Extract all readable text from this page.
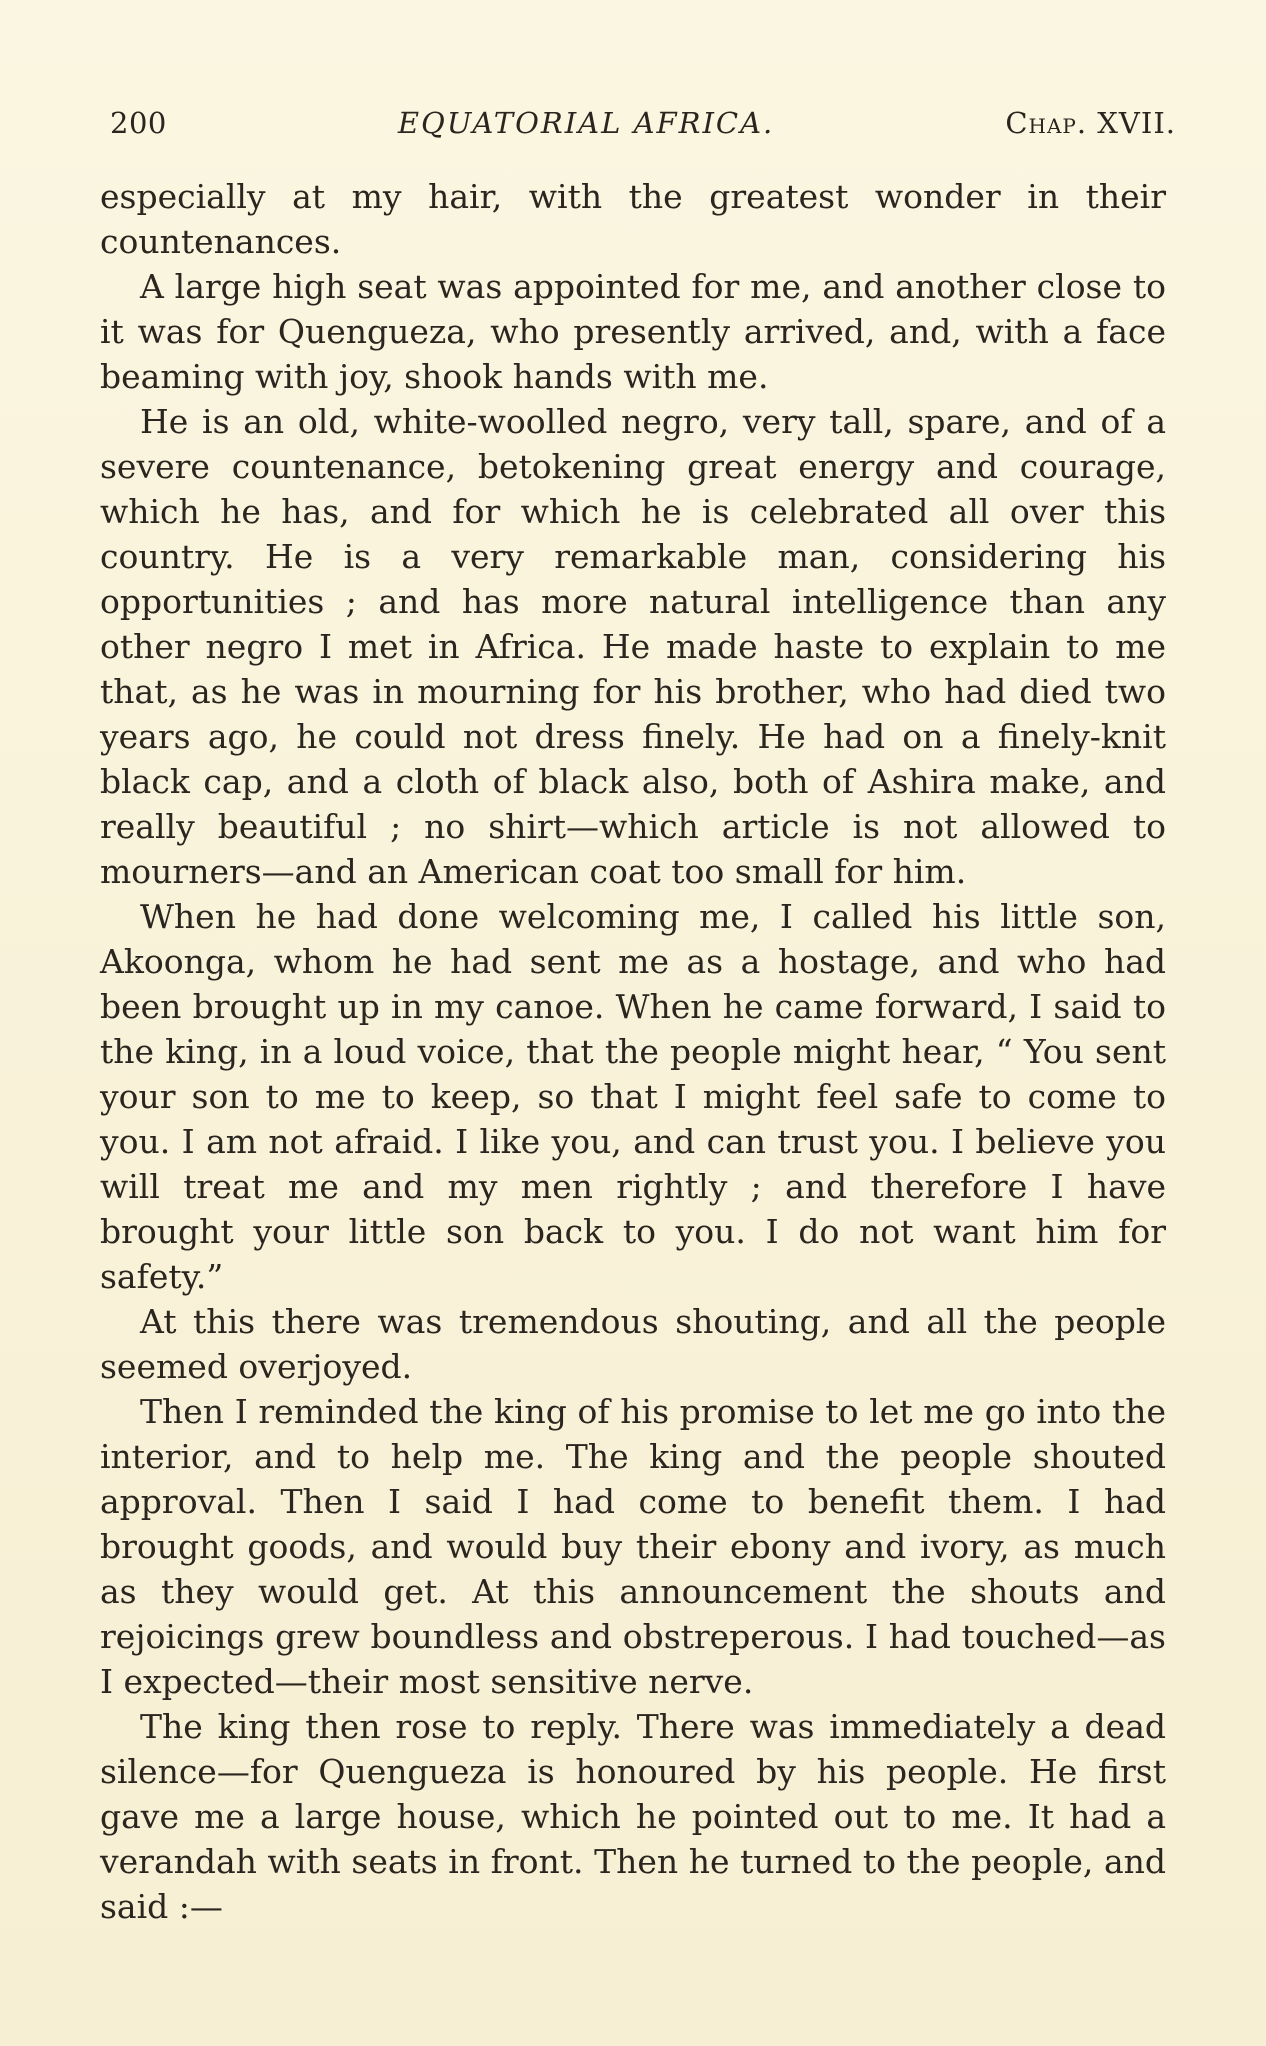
200	EQUATORIAL AFRICA.	Chap. XVII.

especially at my hair, with the greatest wonder in their countenances.

A large high seat was appointed for me, and another close to it was for Quengueza, who presently arrived, and, with a face beaming with joy, shook hands with me.

He is an old, white-woolled negro, very tall, spare, and of a severe countenance, betokening great energy and courage, which he has, and for which he is celebrated all over this country. He is a very remarkable man, considering his opportunities ; and has more natural intelligence than any other negro I met in Africa. He made haste to explain to me that, as he was in mourning for his brother, who had died two years ago, he could not dress finely. He had on a finely-knit black cap, and a cloth of black also, both of Ashira make, and really beautiful ; no shirt—which article is not allowed to mourners—and an American coat too small for him.

When he had done welcoming me, I called his little son, Akoonga, whom he had sent me as a hostage, and who had been brought up in my canoe. When he came forward, I said to the king, in a loud voice, that the people might hear, “ You sent your son to me to keep, so that I might feel safe to come to you. I am not afraid. I like you, and can trust you. I believe you will treat me and my men rightly ; and therefore I have brought your little son back to you. I do not want him for safety.”

At this there was tremendous shouting, and all the people seemed overjoyed.

Then I reminded the king of his promise to let me go into the interior, and to help me. The king and the people shouted approval. Then I said I had come to benefit them. I had brought goods, and would buy their ebony and ivory, as much as they would get. At this announcement the shouts and rejoicings grew boundless and obstreperous. I had touched—as I expected—their most sensitive nerve.

The king then rose to reply. There was immediately a dead silence—for Quengueza is honoured by his people. He first gave me a large house, which he pointed out to me. It had a verandah with seats in front. Then he turned to the people, and said :—
